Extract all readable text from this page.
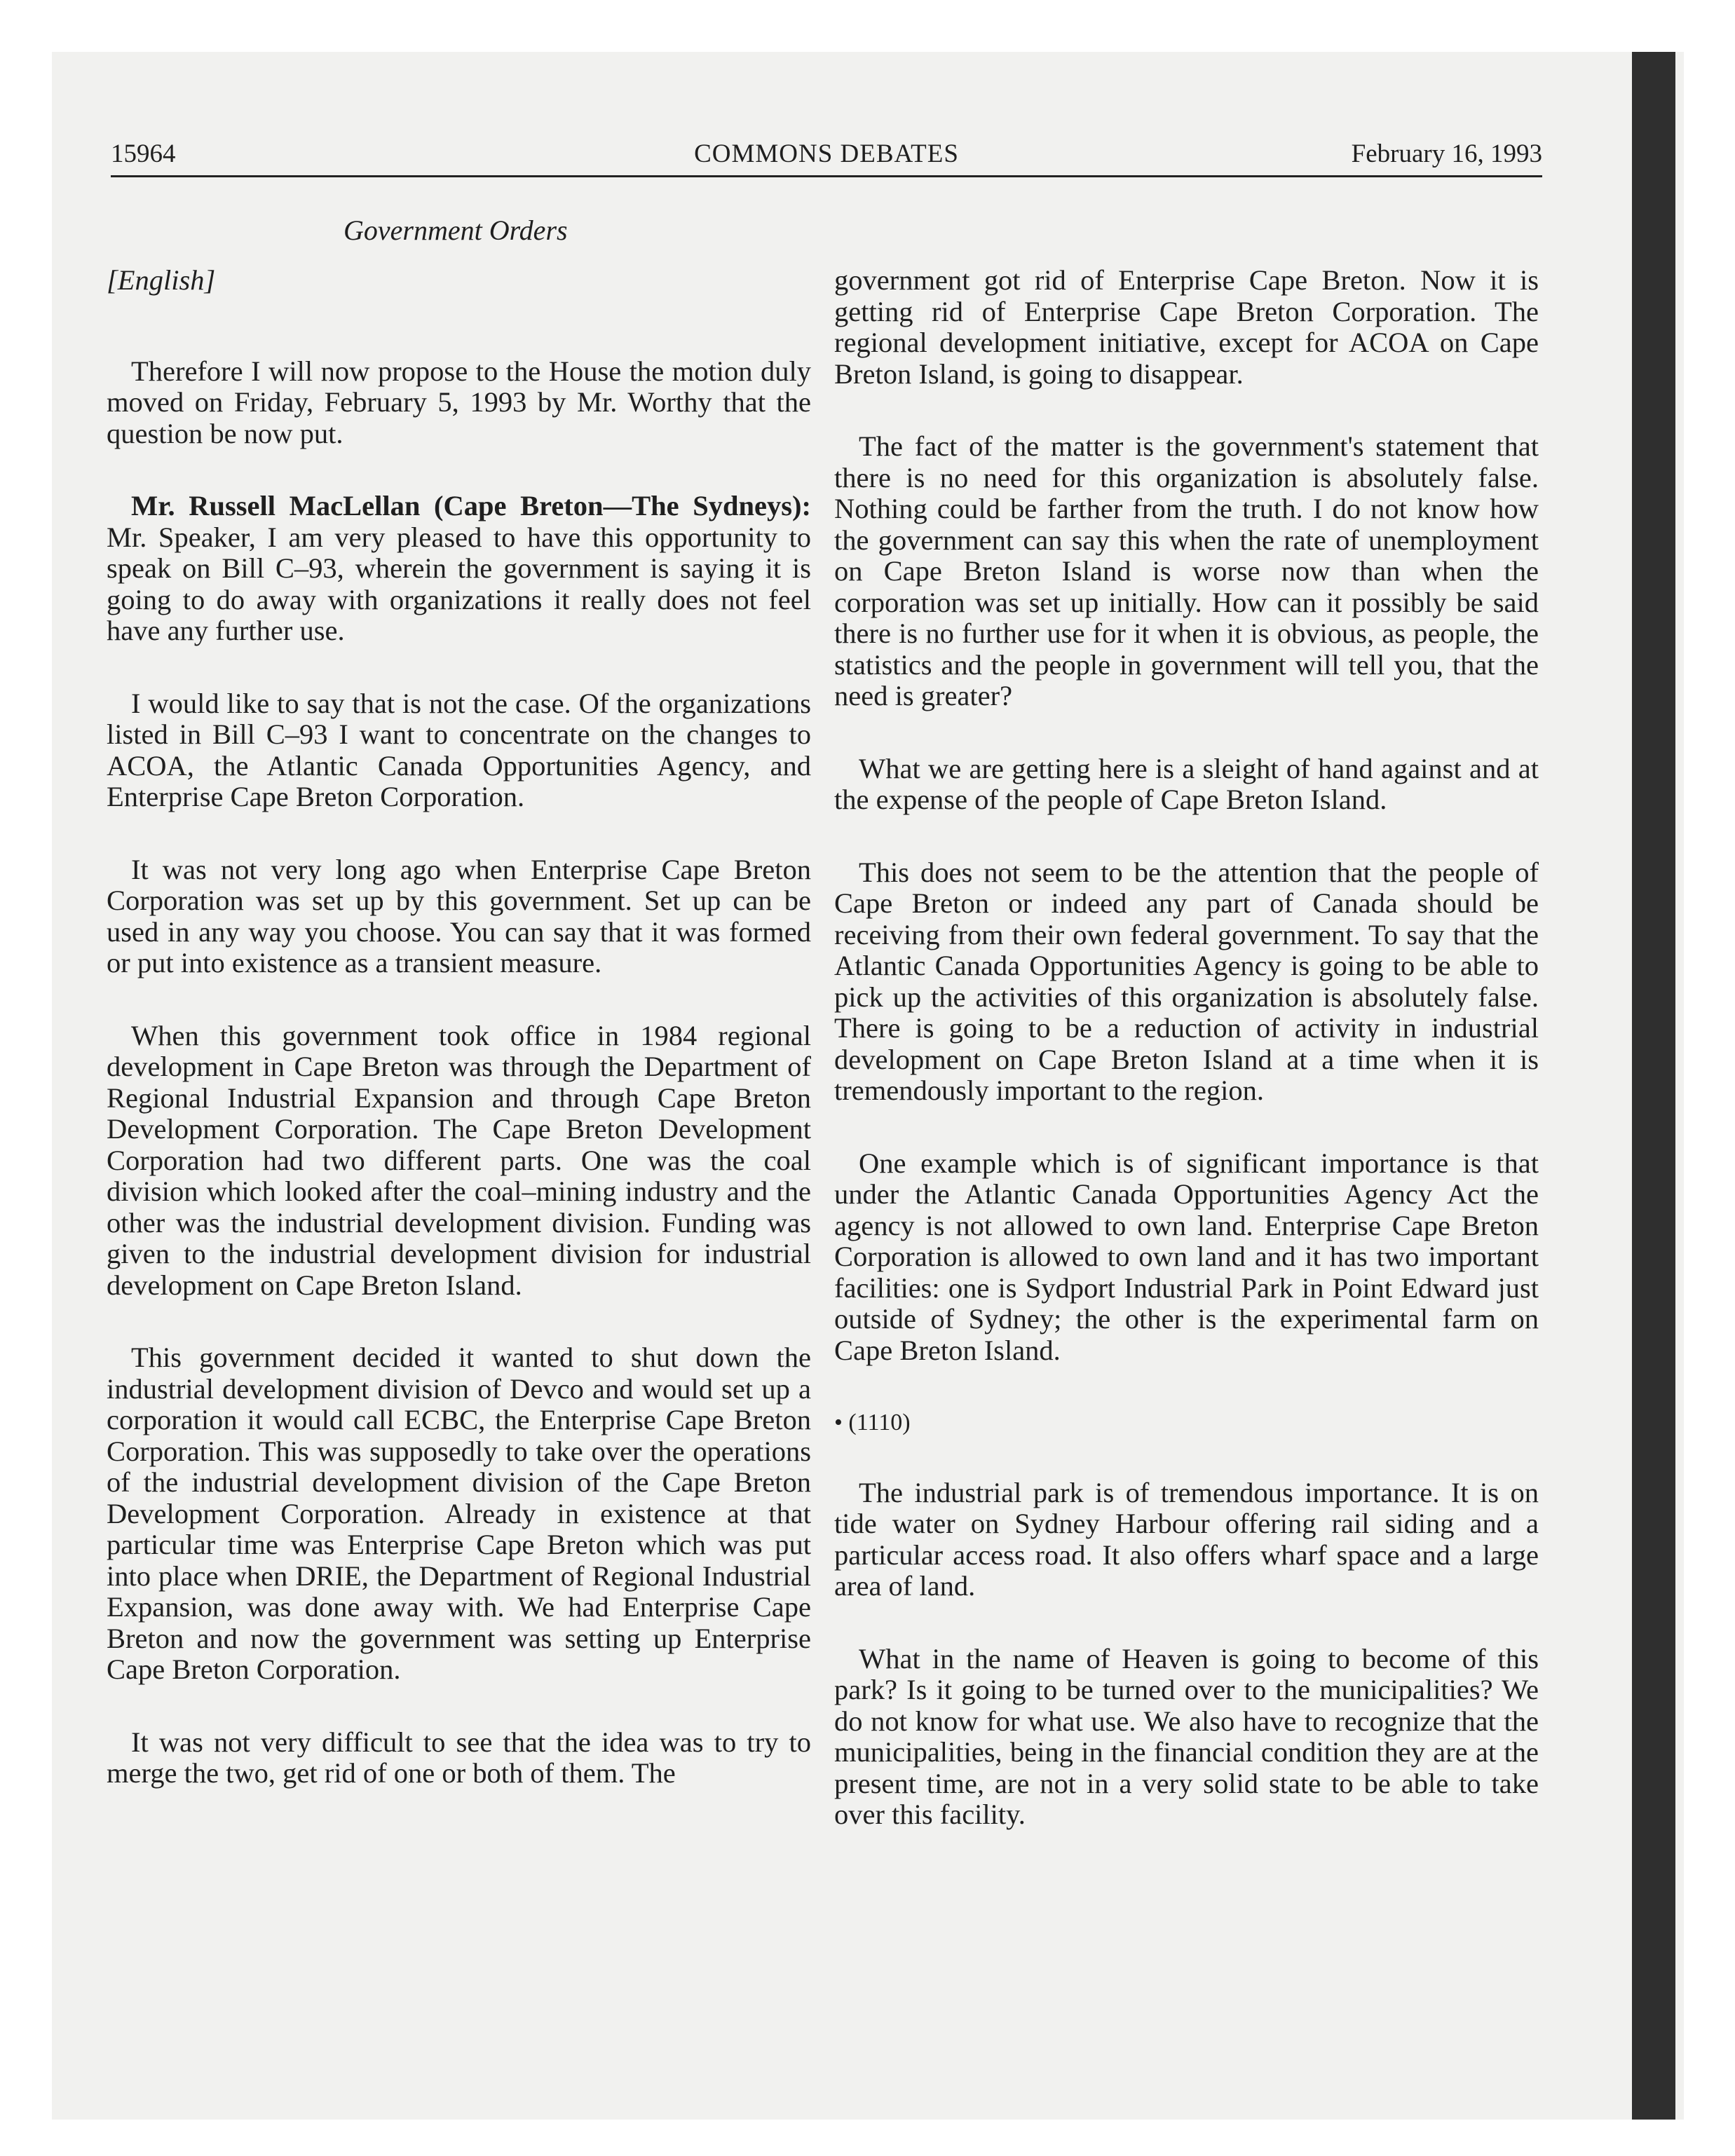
15964	COMMONS DEBATES	February 16, 1993
Government Orders

[English]

Therefore I will now propose to the House the motion duly moved on Friday, February 5, 1993 by Mr. Worthy that the question be now put.

Mr. Russell MacLellan (Cape Breton—The Sydneys): Mr. Speaker, I am very pleased to have this opportunity to speak on Bill C–93, wherein the government is saying it is going to do away with organizations it really does not feel have any further use.

I would like to say that is not the case. Of the organizations listed in Bill C–93 I want to concentrate on the changes to ACOA, the Atlantic Canada Opportunities Agency, and Enterprise Cape Breton Corporation.

It was not very long ago when Enterprise Cape Breton Corporation was set up by this government. Set up can be used in any way you choose. You can say that it was formed or put into existence as a transient measure.

When this government took office in 1984 regional development in Cape Breton was through the Department of Regional Industrial Expansion and through Cape Breton Development Corporation. The Cape Breton Development Corporation had two different parts. One was the coal division which looked after the coal–mining industry and the other was the industrial development division. Funding was given to the industrial development division for industrial development on Cape Breton Island.

This government decided it wanted to shut down the industrial development division of Devco and would set up a corporation it would call ECBC, the Enterprise Cape Breton Corporation. This was supposedly to take over the operations of the industrial development division of the Cape Breton Development Corporation. Already in existence at that particular time was Enterprise Cape Breton which was put into place when DRIE, the Department of Regional Industrial Expansion, was done away with. We had Enterprise Cape Breton and now the government was setting up Enterprise Cape Breton Corporation.

It was not very difficult to see that the idea was to try to merge the two, get rid of one or both of them. The

government got rid of Enterprise Cape Breton. Now it is getting rid of Enterprise Cape Breton Corporation. The regional development initiative, except for ACOA on Cape Breton Island, is going to disappear.

The fact of the matter is the government's statement that there is no need for this organization is absolutely false. Nothing could be farther from the truth. I do not know how the government can say this when the rate of unemployment on Cape Breton Island is worse now than when the corporation was set up initially. How can it possibly be said there is no further use for it when it is obvious, as people, the statistics and the people in government will tell you, that the need is greater?

What we are getting here is a sleight of hand against and at the expense of the people of Cape Breton Island.

This does not seem to be the attention that the people of Cape Breton or indeed any part of Canada should be receiving from their own federal government. To say that the Atlantic Canada Opportunities Agency is going to be able to pick up the activities of this organization is absolutely false. There is going to be a reduction of activity in industrial development on Cape Breton Island at a time when it is tremendously important to the region.

One example which is of significant importance is that under the Atlantic Canada Opportunities Agency Act the agency is not allowed to own land. Enterprise Cape Breton Corporation is allowed to own land and it has two important facilities: one is Sydport Industrial Park in Point Edward just outside of Sydney; the other is the experimental farm on Cape Breton Island.

• (1110)

The industrial park is of tremendous importance. It is on tide water on Sydney Harbour offering rail siding and a particular access road. It also offers wharf space and a large area of land.

What in the name of Heaven is going to become of this park? Is it going to be turned over to the municipalities? We do not know for what use. We also have to recognize that the municipalities, being in the financial condition they are at the present time, are not in a very solid state to be able to take over this facility.
